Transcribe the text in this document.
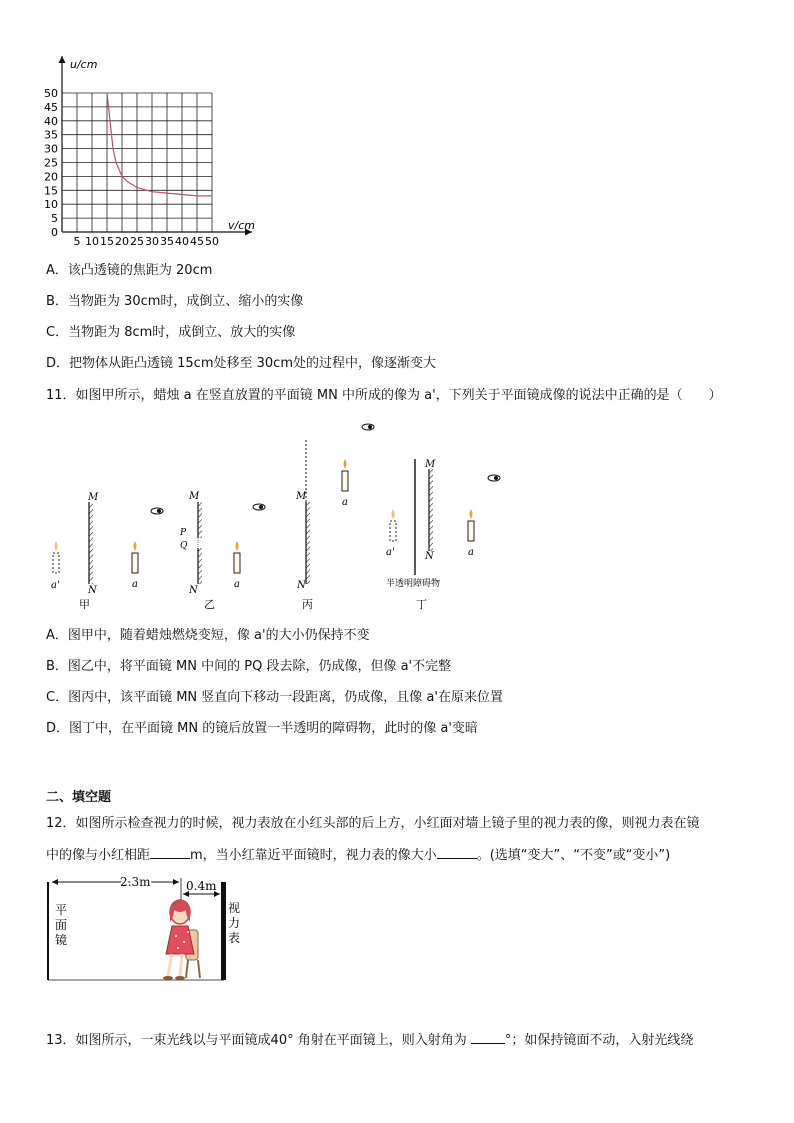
u/cm
v/cm
50
45
40
35
30
25
20
15
10
5
0
5 10 15 20 25 30 35 40 45 50
A．该凸透镜的焦距为 20cm
B．当物距为 30cm时，成倒立、缩小的实像
C．当物距为 8cm时，成倒立、放大的实像
D．把物体从距凸透镜 15cm处移至 30cm处的过程中，像逐渐变大
11．如图甲所示，蜡烛 a 在竖直放置的平面镜 MN 中所成的像为 a'，下列关于平面镜成像的说法中正确的是（　　）
M
N
a'	a
甲
M
N
P
Q
a
乙
M
N
a
丙
M
N
a'	a
半透明障碍物
丁
A．图甲中，随着蜡烛燃烧变短，像 a'的大小仍保持不变
B．图乙中，将平面镜 MN 中间的 PQ 段去除，仍成像，但像 a'不完整
C．图丙中，该平面镜 MN 竖直向下移动一段距离，仍成像，且像 a'在原来位置
D．图丁中，在平面镜 MN 的镜后放置一半透明的障碍物，此时的像 a'变暗
二、填空题
12．如图所示检查视力的时候，视力表放在小红头部的后上方，小红面对墙上镜子里的视力表的像，则视力表在镜
中的像与小红相距	m，当小红靠近平面镜时，视力表的像大小	。(选填“变大”、“不变”或“变小”)
平
面
镜
视
力
表
2.3m	0.4m
13．如图所示，一束光线以与平面镜成40° 角射在平面镜上，则入射角为	°；如保持镜面不动，入射光线绕
